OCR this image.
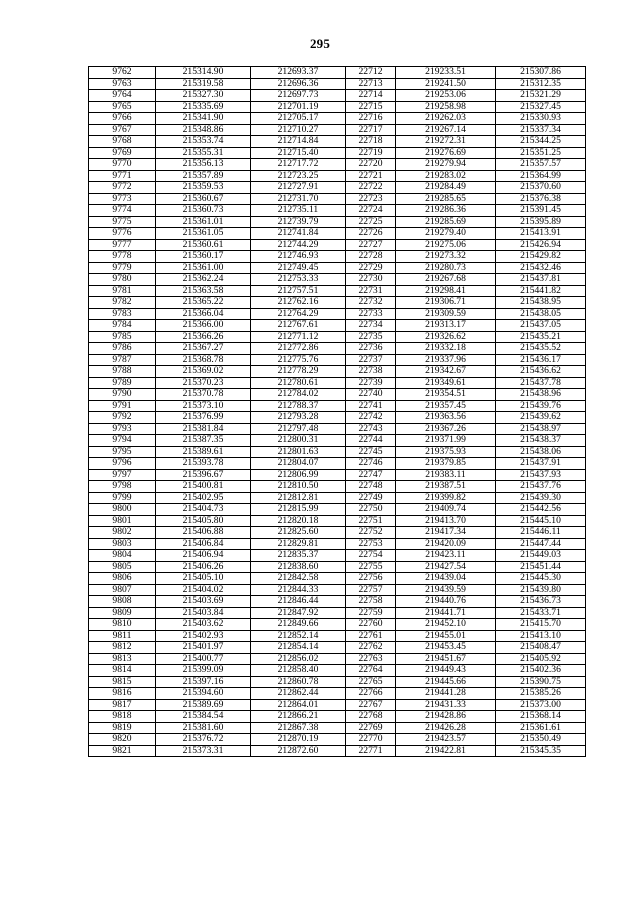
295
9762	215314.90	212693.37	22712	219233.51	215307.86
9763	215319.58	212696.36	22713	219241.50	215312.35
9764	215327.30	212697.73	22714	219253.06	215321.29
9765	215335.69	212701.19	22715	219258.98	215327.45
9766	215341.90	212705.17	22716	219262.03	215330.93
9767	215348.86	212710.27	22717	219267.14	215337.34
9768	215353.74	212714.84	22718	219272.31	215344.25
9769	215355.31	212715.40	22719	219276.69	215351.25
9770	215356.13	212717.72	22720	219279.94	215357.57
9771	215357.89	212723.25	22721	219283.02	215364.99
9772	215359.53	212727.91	22722	219284.49	215370.60
9773	215360.67	212731.70	22723	219285.65	215376.38
9774	215360.73	212735.11	22724	219286.36	215391.45
9775	215361.01	212739.79	22725	219285.69	215395.89
9776	215361.05	212741.84	22726	219279.40	215413.91
9777	215360.61	212744.29	22727	219275.06	215426.94
9778	215360.17	212746.93	22728	219273.32	215429.82
9779	215361.00	212749.45	22729	219280.73	215432.46
9780	215362.24	212753.33	22730	219267.68	215437.81
9781	215363.58	212757.51	22731	219298.41	215441.82
9782	215365.22	212762.16	22732	219306.71	215438.95
9783	215366.04	212764.29	22733	219309.59	215438.05
9784	215366.00	212767.61	22734	219313.17	215437.05
9785	215366.26	212771.12	22735	219326.62	215435.21
9786	215367.27	212772.86	22736	219332.18	215435.52
9787	215368.78	212775.76	22737	219337.96	215436.17
9788	215369.02	212778.29	22738	219342.67	215436.62
9789	215370.23	212780.61	22739	219349.61	215437.78
9790	215370.78	212784.02	22740	219354.51	215438.96
9791	215373.10	212788.37	22741	219357.45	215439.76
9792	215376.99	212793.28	22742	219363.56	215439.62
9793	215381.84	212797.48	22743	219367.26	215438.97
9794	215387.35	212800.31	22744	219371.99	215438.37
9795	215389.61	212801.63	22745	219375.93	215438.06
9796	215393.78	212804.07	22746	219379.85	215437.91
9797	215396.67	212806.99	22747	219383.11	215437.93
9798	215400.81	212810.50	22748	219387.51	215437.76
9799	215402.95	212812.81	22749	219399.82	215439.30
9800	215404.73	212815.99	22750	219409.74	215442.56
9801	215405.80	212820.18	22751	219413.70	215445.10
9802	215406.88	212825.60	22752	219417.34	215446.11
9803	215406.84	212829.81	22753	219420.09	215447.44
9804	215406.94	212835.37	22754	219423.11	215449.03
9805	215406.26	212838.60	22755	219427.54	215451.44
9806	215405.10	212842.58	22756	219439.04	215445.30
9807	215404.02	212844.33	22757	219439.59	215439.80
9808	215403.69	212846.44	22758	219440.76	215436.73
9809	215403.84	212847.92	22759	219441.71	215433.71
9810	215403.62	212849.66	22760	219452.10	215415.70
9811	215402.93	212852.14	22761	219455.01	215413.10
9812	215401.97	212854.14	22762	219453.45	215408.47
9813	215400.77	212856.02	22763	219451.67	215405.92
9814	215399.09	212858.40	22764	219449.43	215402.36
9815	215397.16	212860.78	22765	219445.66	215390.75
9816	215394.60	212862.44	22766	219441.28	215385.26
9817	215389.69	212864.01	22767	219431.33	215373.00
9818	215384.54	212866.21	22768	219428.86	215368.14
9819	215381.60	212867.38	22769	219426.28	215361.61
9820	215376.72	212870.19	22770	219423.57	215350.49
9821	215373.31	212872.60	22771	219422.81	215345.35
